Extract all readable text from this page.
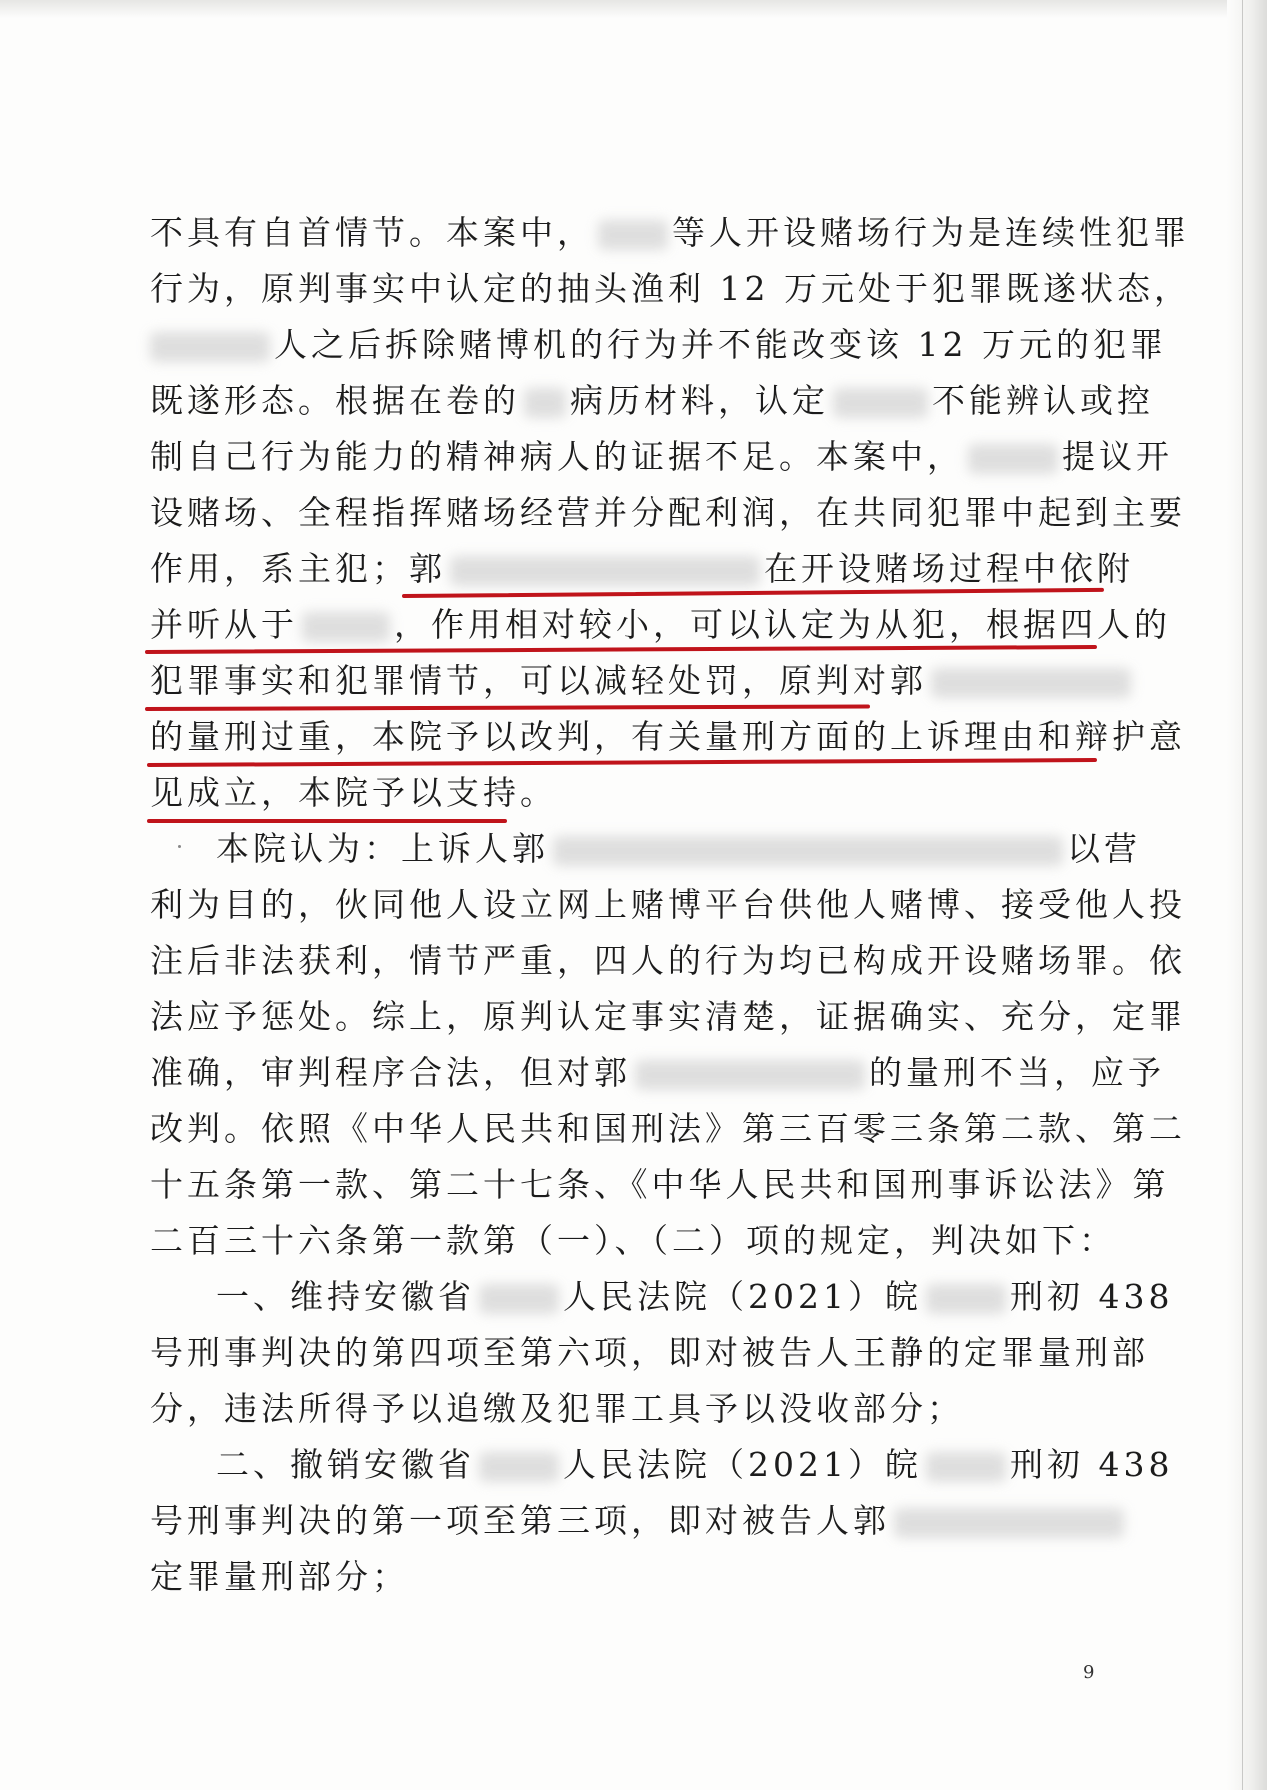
不具有自首情节。本案中， 等人开设赌场行为是连续性犯罪
行为，原判事实中认定的抽头渔利 12 万元处于犯罪既遂状态，
人之后拆除赌博机的行为并不能改变该 12 万元的犯罪
既遂形态。根据在卷的 病历材料，认定	不能辨认或控
制自己行为能力的精神病人的证据不足。本案中，	提议开
设赌场、全程指挥赌场经营并分配利润，在共同犯罪中起到主要
作用，系主犯；郭	在开设赌场过程中依附
并听从于	，作用相对较小，可以认定为从犯，根据四人的
犯罪事实和犯罪情节，可以减轻处罚，原判对郭
的量刑过重，本院予以改判，有关量刑方面的上诉理由和辩护意
见成立，本院予以支持。
本院认为：上诉人郭	以营
利为目的，伙同他人设立网上赌博平台供他人赌博、接受他人投
注后非法获利，情节严重，四人的行为均已构成开设赌场罪。依
法应予惩处。综上，原判认定事实清楚，证据确实、充分，定罪
准确，审判程序合法，但对郭	的量刑不当，应予
改判。依照《中华人民共和国刑法》第三百零三条第二款、第二
十五条第一款、第二十七条、《中华人民共和国刑事诉讼法》第
二百三十六条第一款第（一）、（二）项的规定，判决如下：
一、维持安徽省	人民法院（2021）皖	刑初 438
号刑事判决的第四项至第六项，即对被告人王静的定罪量刑部
分，违法所得予以追缴及犯罪工具予以没收部分；
二、撤销安徽省	人民法院（2021）皖	刑初 438
号刑事判决的第一项至第三项，即对被告人郭
定罪量刑部分；
9
